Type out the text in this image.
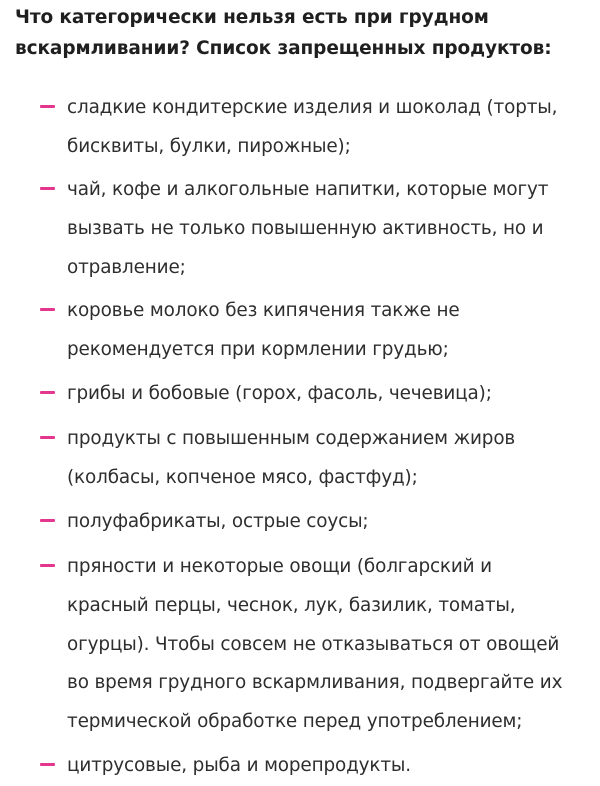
Что категорически нельзя есть при грудном вскармливании? Список запрещенных продуктов:
сладкие кондитерские изделия и шоколад (торты, бисквиты, булки, пирожные);
чай, кофе и алкогольные напитки, которые могут вызвать не только повышенную активность, но и отравление;
коровье молоко без кипячения также не рекомендуется при кормлении грудью;
грибы и бобовые (горох, фасоль, чечевица);
продукты с повышенным содержанием жиров (колбасы, копченое мясо, фастфуд);
полуфабрикаты, острые соусы;
пряности и некоторые овощи (болгарский и красный перцы, чеснок, лук, базилик, томаты, огурцы). Чтобы совсем не отказываться от овощей во время грудного вскармливания, подвергайте их термической обработке перед употреблением;
цитрусовые, рыба и морепродукты.
